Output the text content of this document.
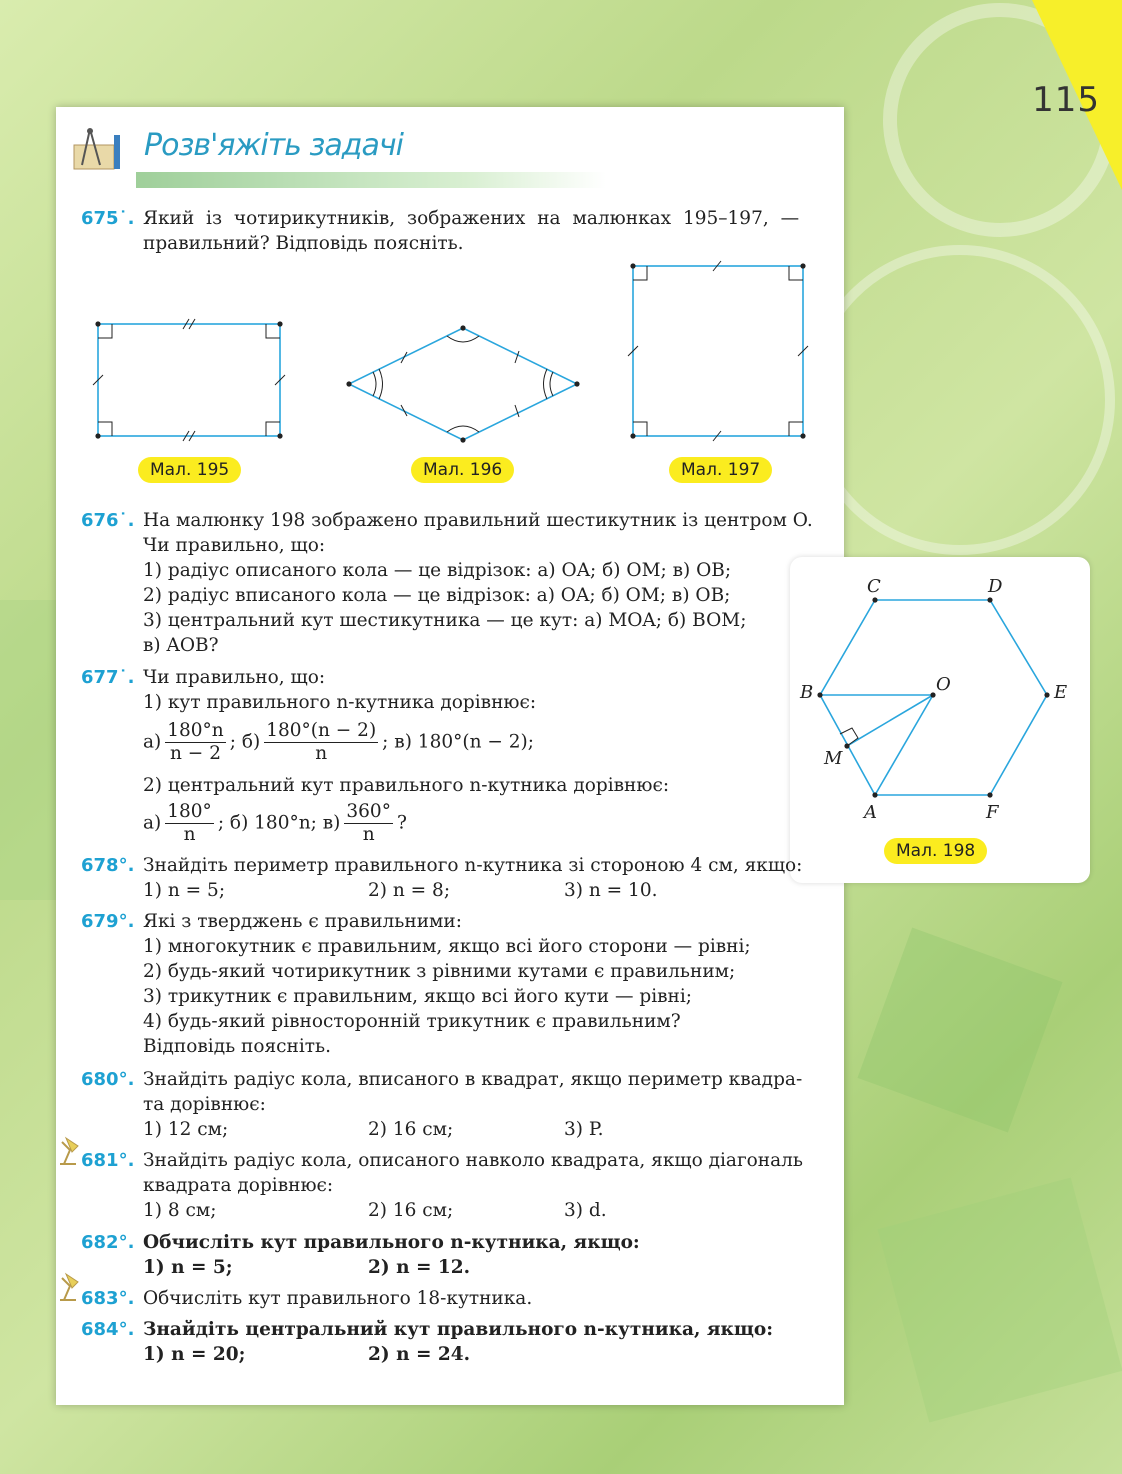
115
Розв'яжіть задачі
675˙. Який із чотирикутників, зображених на малюнках 195–197, —
правильний? Відповідь поясніть.
Мал. 195	Мал. 196	Мал. 197
676˙. На малюнку 198 зображено правильний шестикутник із центром O.
Чи правильно, що:
1) радіус описаного кола — це відрізок: а) OA; б) OM; в) OB;
2) радіус вписаного кола — це відрізок: а) OA; б) OM; в) OB;
3) центральний кут шестикутника — це кут: а) MOA; б) BOM;
в) AOB?
C	D
B	O	E
M
A	F
Мал. 198
677˙. Чи правильно, що:
1) кут правильного n-кутника дорівнює:
$а) \frac{180^\circ n}{n - 2}$ ; $б) \frac{180^\circ(n - 2)}{n}$ ; в) 180°(n − 2);
2) центральний кут правильного n-кутника дорівнює:
$а) \frac{180^\circ}{n}$ ; б) 180°n; $в) \frac{360^\circ}{n}$ ?
678°. Знайдіть периметр правильного n-кутника зі стороною 4 см, якщо:
1) n = 5;	2) n = 8;	3) n = 10.
679°. Які з тверджень є правильними:
1) многокутник є правильним, якщо всі його сторони — рівні;
2) будь-який чотирикутник з рівними кутами є правильним;
3) трикутник є правильним, якщо всі його кути — рівні;
4) будь-який рівносторонній трикутник є правильним?
Відповідь поясніть.
680°. Знайдіть радіус кола, вписаного в квадрат, якщо периметр квадра-
та дорівнює:
1) 12 см;	2) 16 см;	3) P.
681°. Знайдіть радіус кола, описаного навколо квадрата, якщо діагональ
квадрата дорівнює:
1) 8 см;	2) 16 см;	3) d.
682°. Обчисліть кут правильного n-кутника, якщо:
1) n = 5;	2) n = 12.
683°. Обчисліть кут правильного 18-кутника.
684°. Знайдіть центральний кут правильного n-кутника, якщо:
1) n = 20;	2) n = 24.
